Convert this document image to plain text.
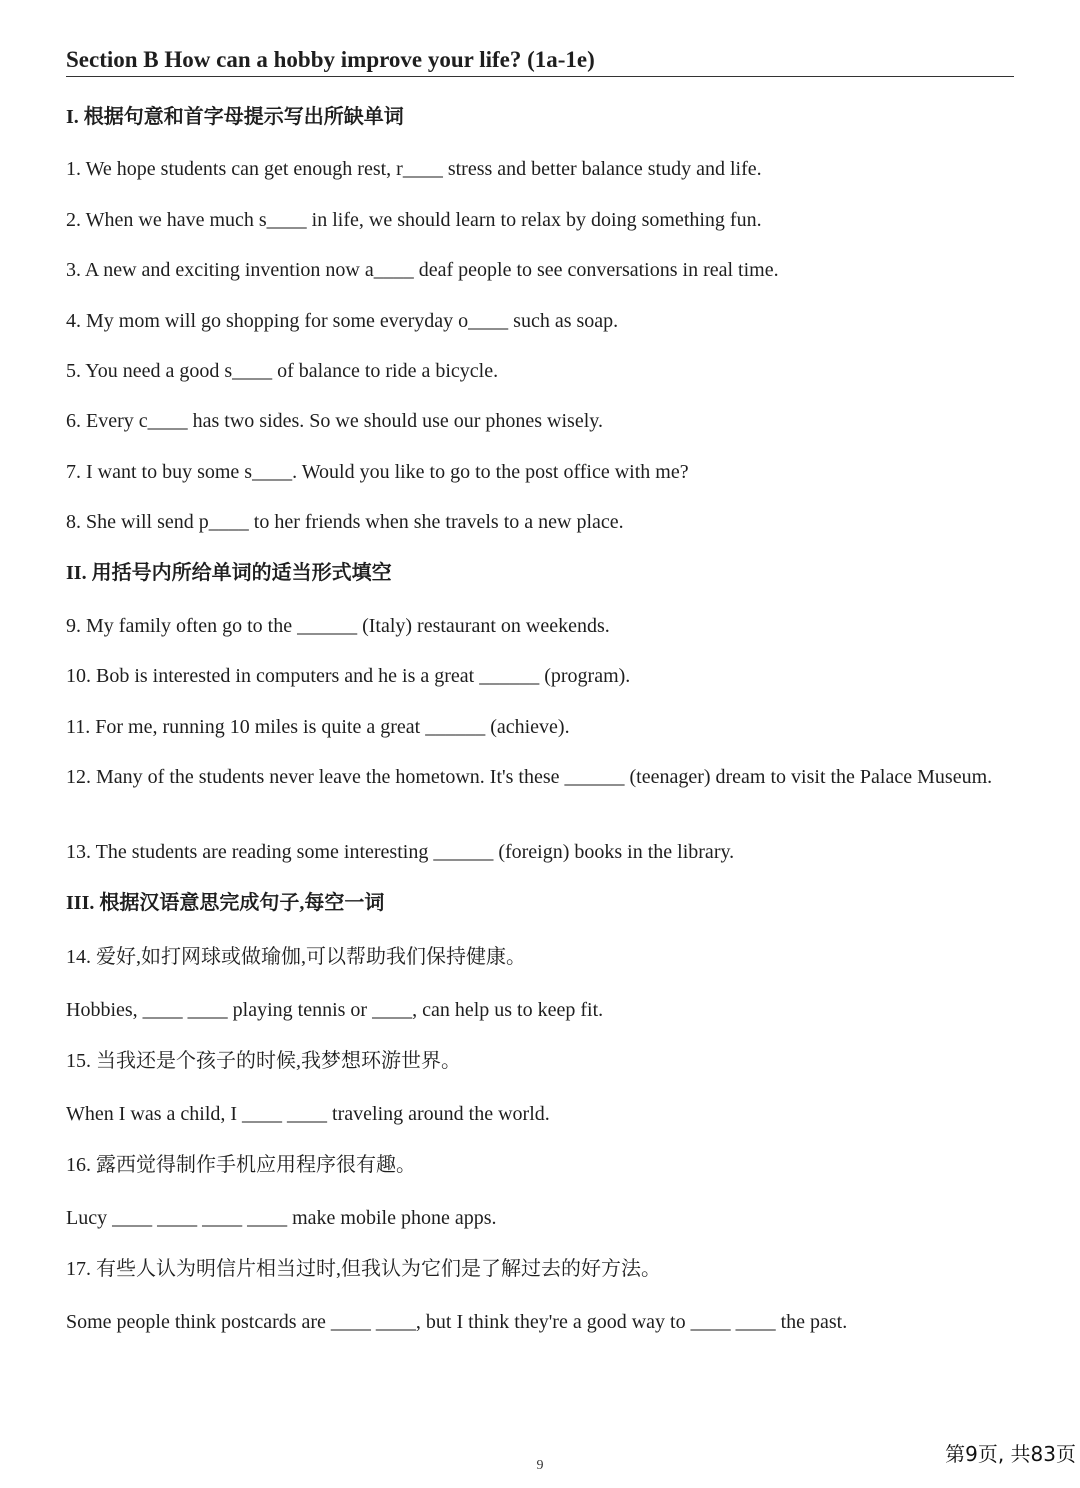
Section B How can a hobby improve your life? (1a-1e)
I. 根据句意和首字母提示写出所缺单词
1. We hope students can get enough rest, r____ stress and better balance study and life.
2. When we have much s____ in life, we should learn to relax by doing something fun.
3. A new and exciting invention now a____ deaf people to see conversations in real time.
4. My mom will go shopping for some everyday o____ such as soap.
5. You need a good s____ of balance to ride a bicycle.
6. Every c____ has two sides. So we should use our phones wisely.
7. I want to buy some s____. Would you like to go to the post office with me?
8. She will send p____ to her friends when she travels to a new place.
II. 用括号内所给单词的适当形式填空
9. My family often go to the ______ (Italy) restaurant on weekends.
10. Bob is interested in computers and he is a great ______ (program).
11. For me, running 10 miles is quite a great ______ (achieve).
12. Many of the students never leave the hometown. It's these ______ (teenager) dream to visit the Palace Museum.
13. The students are reading some interesting ______ (foreign) books in the library.
III. 根据汉语意思完成句子,每空一词
14. 爱好,如打网球或做瑜伽,可以帮助我们保持健康。
Hobbies, ____ ____ playing tennis or ____, can help us to keep fit.
15. 当我还是个孩子的时候,我梦想环游世界。
When I was a child, I ____ ____ traveling around the world.
16. 露西觉得制作手机应用程序很有趣。
Lucy ____ ____ ____ ____ make mobile phone apps.
17. 有些人认为明信片相当过时,但我认为它们是了解过去的好方法。
Some people think postcards are ____ ____, but I think they're a good way to ____ ____ the past.
9	第9页, 共83页
